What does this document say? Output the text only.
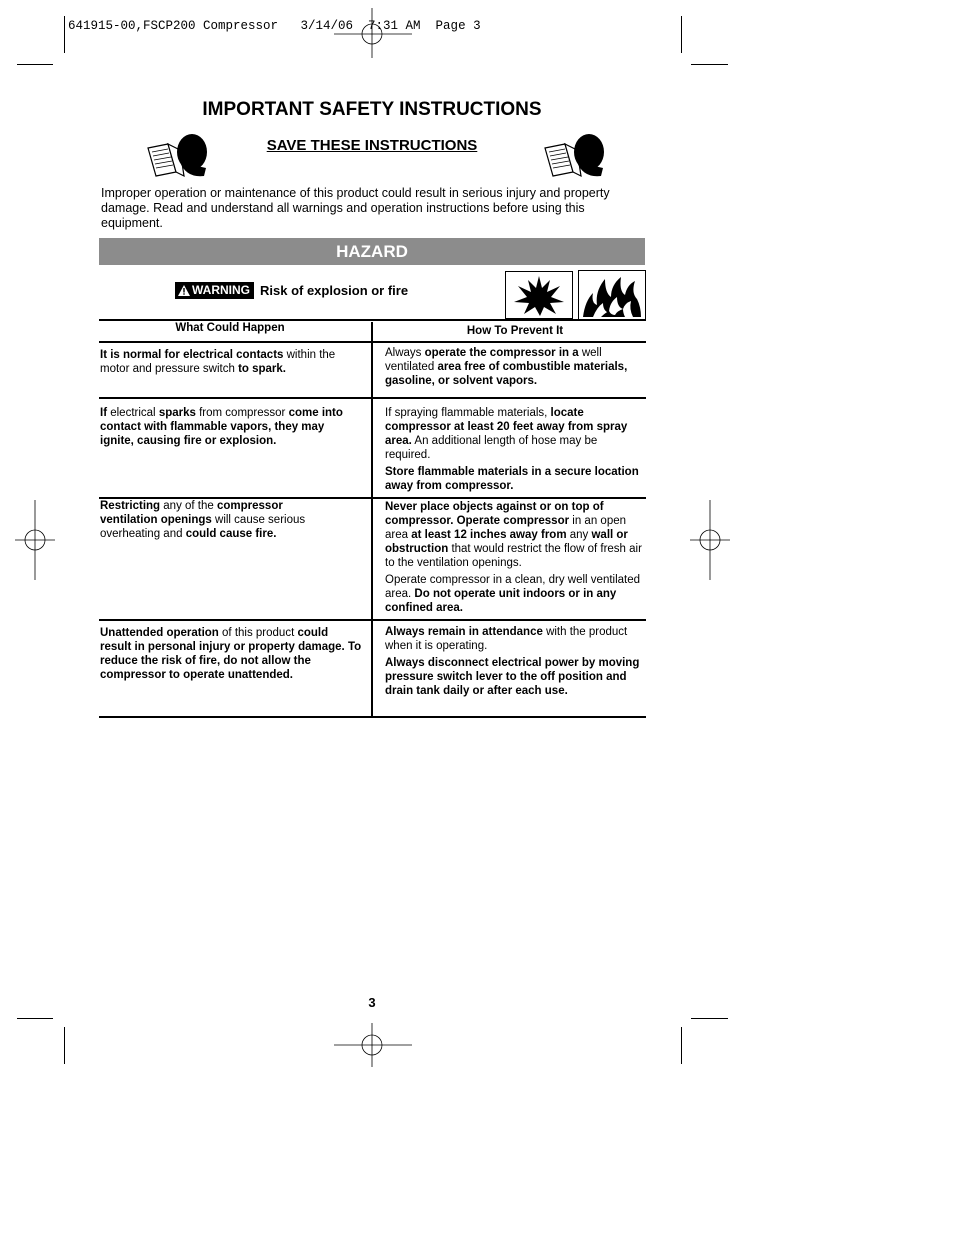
641915-00,FSCP200 Compressor   3/14/06  7:31 AM  Page 3
IMPORTANT SAFETY INSTRUCTIONS
SAVE THESE INSTRUCTIONS
Improper operation or maintenance of this product could result in serious injury and property damage. Read and understand all warnings and operation instructions before using this equipment.
HAZARD
WARNING Risk of explosion or fire
What Could Happen	How To Prevent It

It is normal for electrical contacts within the motor and pressure switch to spark.

Always operate the compressor in a well ventilated area free of combustible materials, gasoline, or solvent vapors.

If electrical sparks from compressor come into contact with flammable vapors, they may ignite, causing fire or explosion.

If spraying flammable materials, locate compressor at least 20 feet away from spray area. An additional length of hose may be required.

Store flammable materials in a secure location away from compressor.

Restricting any of the compressor ventilation openings will cause serious overheating and could cause fire.

Never place objects against or on top of compressor. Operate compressor in an open area at least 12 inches away from any wall or obstruction that would restrict the flow of fresh air to the ventilation openings.

Operate compressor in a clean, dry well ventilated area. Do not operate unit indoors or in any confined area.

Unattended operation of this product could result in personal injury or property damage. To reduce the risk of fire, do not allow the compressor to operate unattended.

Always remain in attendance with the product when it is operating.

Always disconnect electrical power by moving pressure switch lever to the off position and drain tank daily or after each use.

3
